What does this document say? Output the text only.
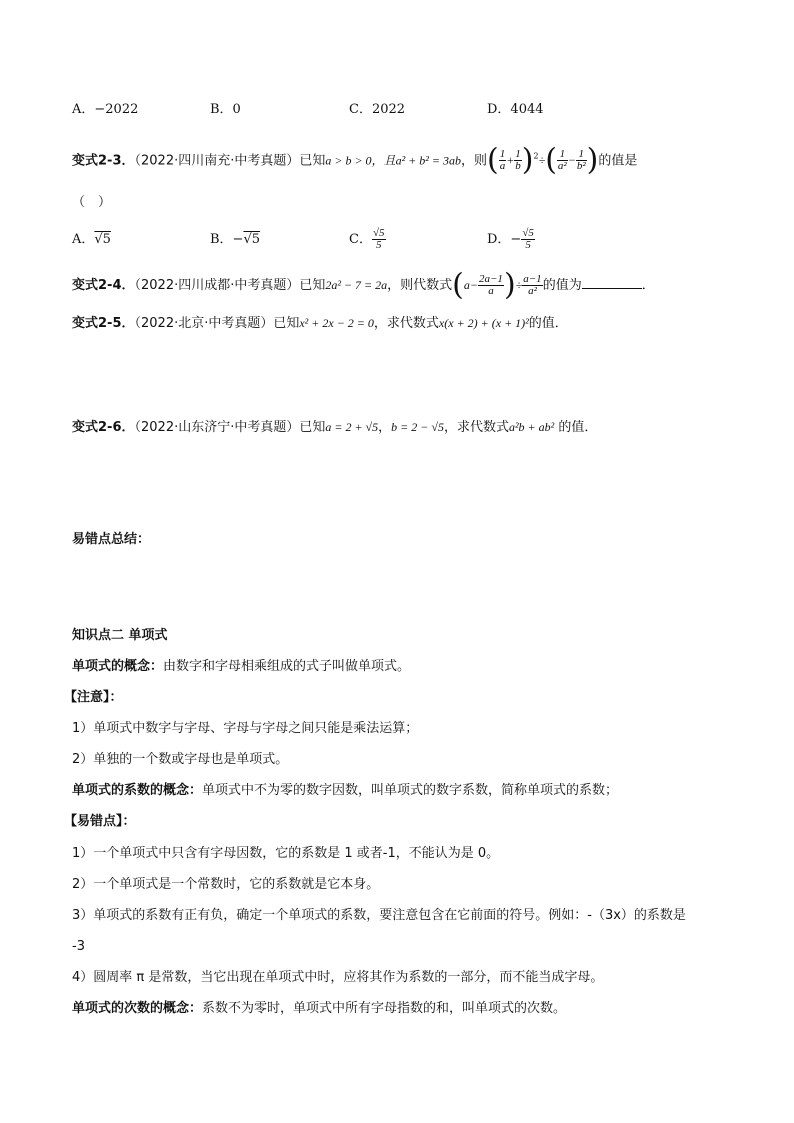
A．−2022	B．0	C．2022	D．4044
变式2-3．（2022·四川南充·中考真题）已知a > b > 0，且a² + b² = 3ab，则( $\frac{1}{a} + \frac{1}{b} )^2\div( \frac{1}{\text{a²}} - \frac{1}{\text{b²}}$ )的值是
（　）
A．√5	B．−√5	C． $\frac{√5}{5}$	D．− $\frac{√5}{5}$
变式2-4．（2022·四川成都·中考真题）已知2a² − 7 = 2a，则代数式($a- \frac{2a-1}{a}$ )÷ $\frac{a-1}{\text{a²}}$ 的值为	．
变式2-5．（2022·北京·中考真题）已知x² + 2x − 2 = 0，求代数式x(x + 2) + (x + 1)²的值．
变式2-6．（2022·山东济宁·中考真题）已知a = 2 + √5，b = 2 − √5，求代数式a²b + ab² 的值．
易错点总结：
知识点二 单项式
单项式的概念：由数字和字母相乘组成的式子叫做单项式。
【注意】：
1）单项式中数字与字母、字母与字母之间只能是乘法运算；
2）单独的一个数或字母也是单项式。
单项式的系数的概念：单项式中不为零的数字因数，叫单项式的数字系数，简称单项式的系数；
【易错点】：
1）一个单项式中只含有字母因数，它的系数是 1 或者-1，不能认为是 0。
2）一个单项式是一个常数时，它的系数就是它本身。
3）单项式的系数有正有负，确定一个单项式的系数，要注意包含在它前面的符号。例如：-（3x）的系数是
-3
4）圆周率 π 是常数，当它出现在单项式中时，应将其作为系数的一部分，而不能当成字母。
单项式的次数的概念：系数不为零时，单项式中所有字母指数的和，叫单项式的次数。
